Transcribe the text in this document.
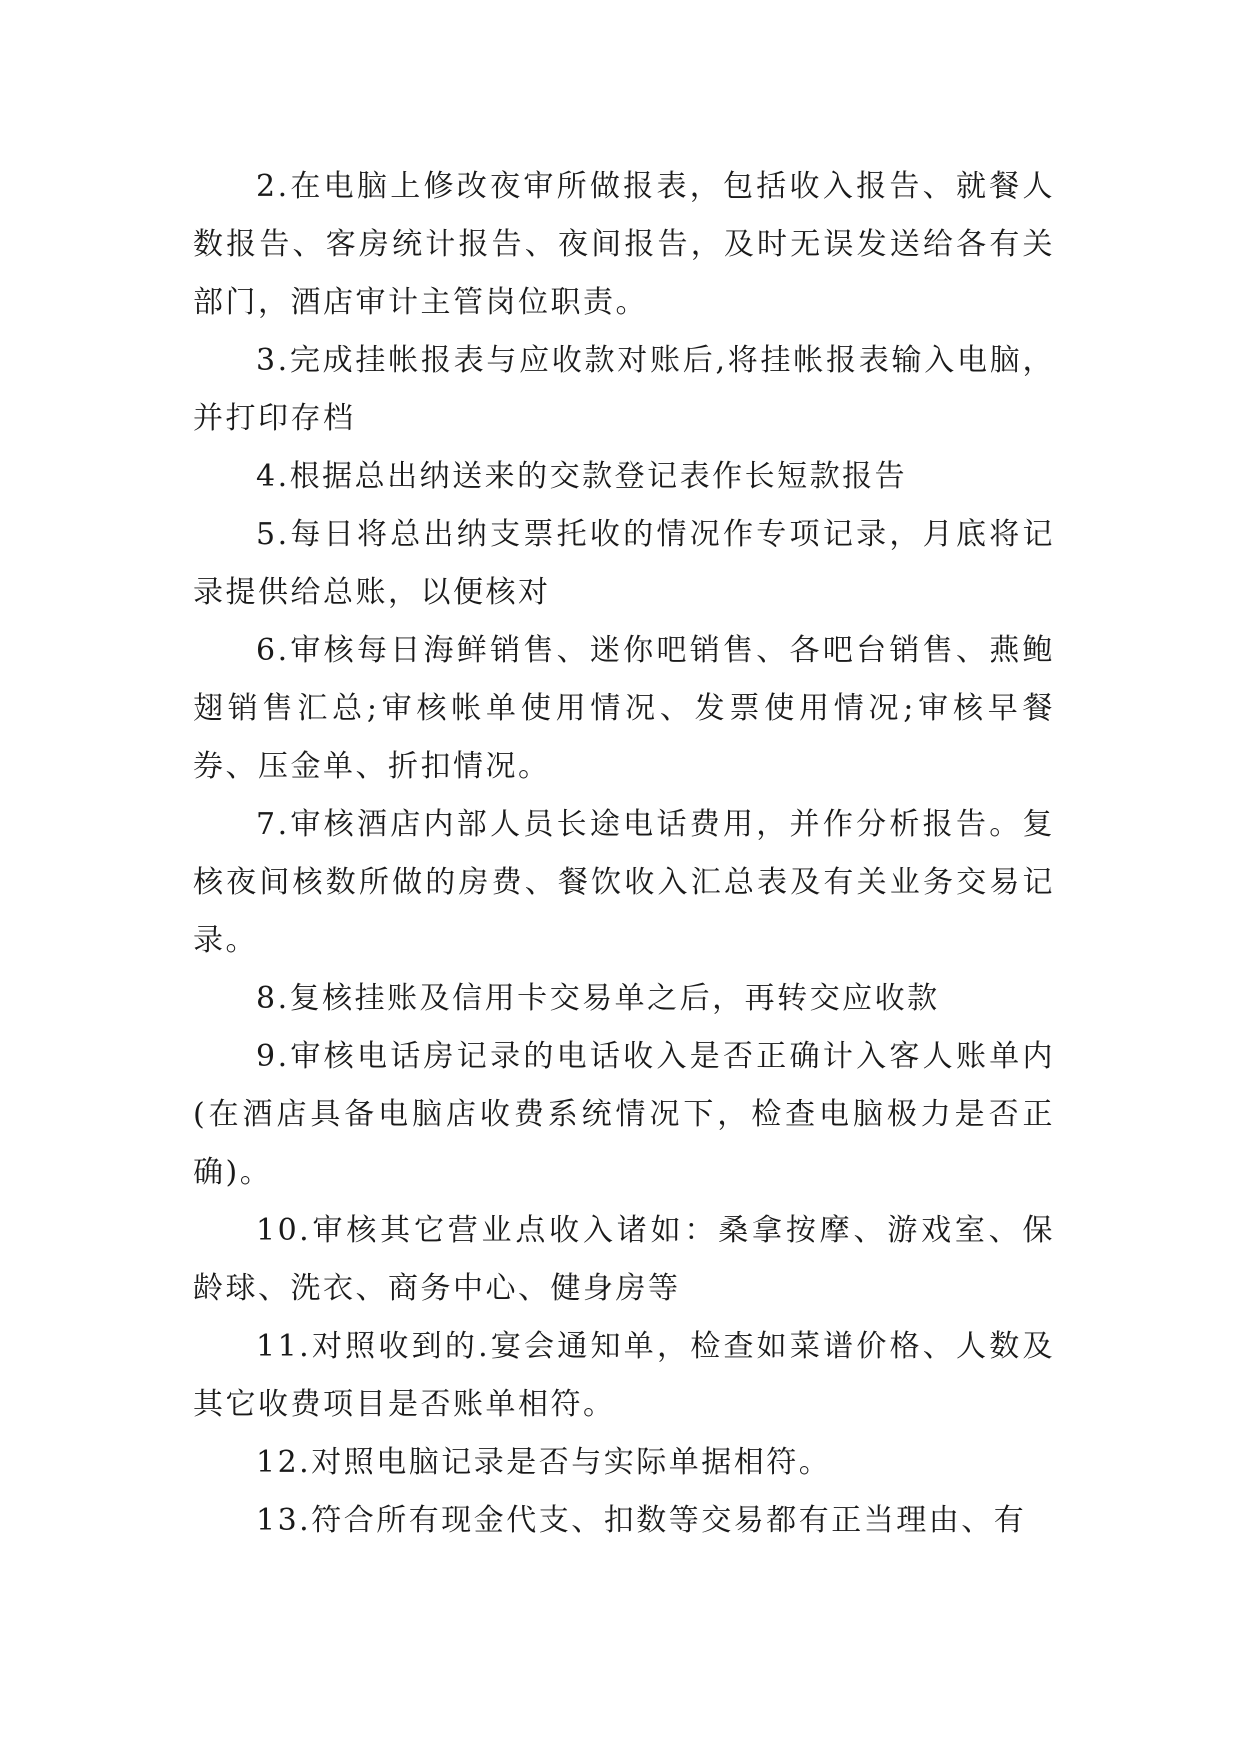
2.在电脑上修改夜审所做报表，包括收入报告、就餐人数报告、客房统计报告、夜间报告，及时无误发送给各有关部门，酒店审计主管岗位职责。

3.完成挂帐报表与应收款对账后,将挂帐报表输入电脑，并打印存档

4.根据总出纳送来的交款登记表作长短款报告

5.每日将总出纳支票托收的情况作专项记录，月底将记录提供给总账，以便核对

6.审核每日海鲜销售、迷你吧销售、各吧台销售、燕鲍翅销售汇总;审核帐单使用情况、发票使用情况;审核早餐券、压金单、折扣情况。

7.审核酒店内部人员长途电话费用，并作分析报告。复核夜间核数所做的房费、餐饮收入汇总表及有关业务交易记录。

8.复核挂账及信用卡交易单之后，再转交应收款

9.审核电话房记录的电话收入是否正确计入客人账单内(在酒店具备电脑店收费系统情况下，检查电脑极力是否正确)。

10.审核其它营业点收入诸如：桑拿按摩、游戏室、保龄球、洗衣、商务中心、健身房等

11.对照收到的.宴会通知单，检查如菜谱价格、人数及其它收费项目是否账单相符。

12.对照电脑记录是否与实际单据相符。

13.符合所有现金代支、扣数等交易都有正当理由、有
